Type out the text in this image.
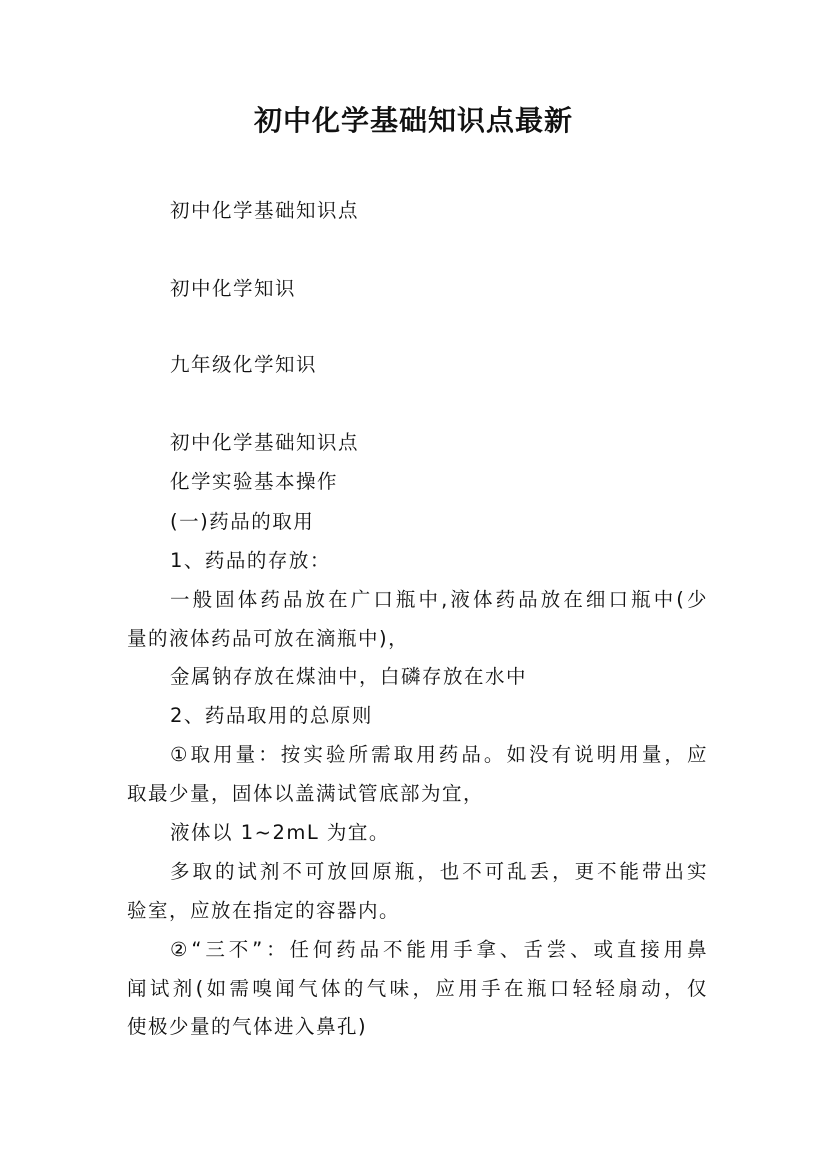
初中化学基础知识点最新
初中化学基础知识点
初中化学知识
九年级化学知识
初中化学基础知识点
化学实验基本操作
(一)药品的取用
1、药品的存放：
一般固体药品放在广口瓶中,液体药品放在细口瓶中(少
量的液体药品可放在滴瓶中)，
金属钠存放在煤油中，白磷存放在水中
2、药品取用的总原则
①取用量：按实验所需取用药品。如没有说明用量，应
取最少量，固体以盖满试管底部为宜，
液体以 1~2mL 为宜。
多取的试剂不可放回原瓶，也不可乱丢，更不能带出实
验室，应放在指定的容器内。
②“三不”：任何药品不能用手拿、舌尝、或直接用鼻
闻试剂(如需嗅闻气体的气味，应用手在瓶口轻轻扇动，仅
使极少量的气体进入鼻孔)
